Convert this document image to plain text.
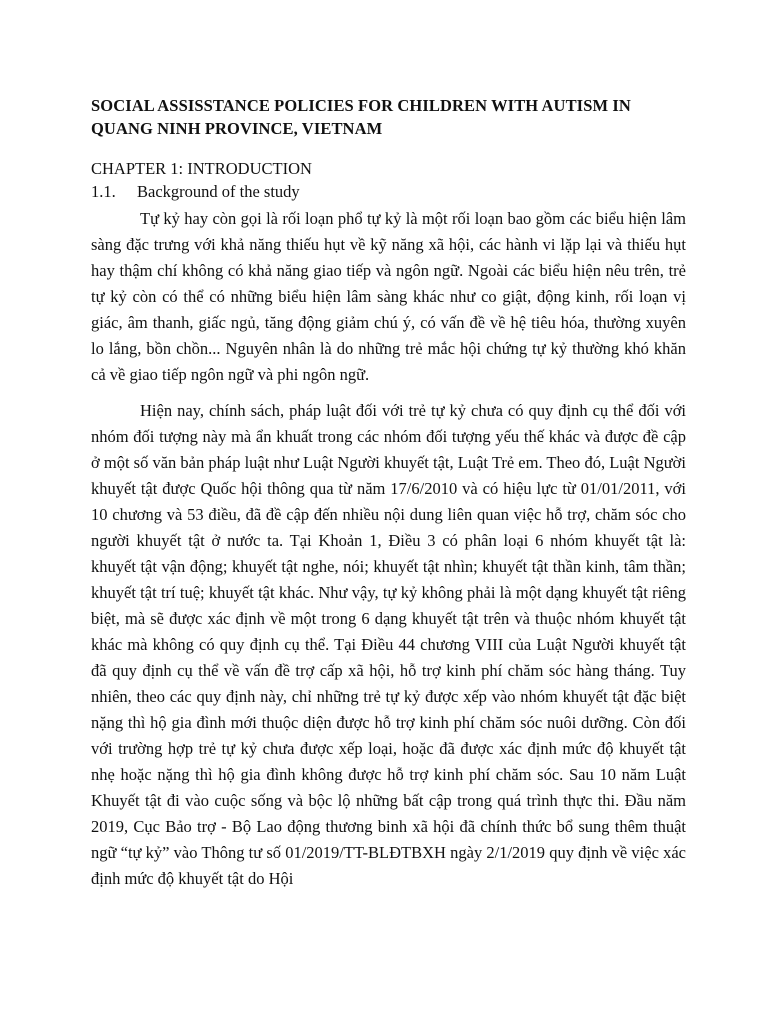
SOCIAL ASSISSTANCE POLICIES FOR CHILDREN WITH AUTISM IN QUANG NINH PROVINCE, VIETNAM
CHAPTER 1: INTRODUCTION
1.1.	Background of the study

Tự kỷ hay còn gọi là rối loạn phổ tự kỷ là một rối loạn bao gồm các biểu hiện lâm sàng đặc trưng với khả năng thiếu hụt về kỹ năng xã hội, các hành vi lặp lại và thiếu hụt hay thậm chí không có khả năng giao tiếp và ngôn ngữ. Ngoài các biểu hiện nêu trên, trẻ tự kỷ còn có thể có những biểu hiện lâm sàng khác như co giật, động kinh, rối loạn vị giác, âm thanh, giấc ngủ, tăng động giảm chú ý, có vấn đề về hệ tiêu hóa, thường xuyên lo lắng, bồn chồn... Nguyên nhân là do những trẻ mắc hội chứng tự kỷ thường khó khăn cả về giao tiếp ngôn ngữ và phi ngôn ngữ.

Hiện nay, chính sách, pháp luật đối với trẻ tự kỷ chưa có quy định cụ thể đối với nhóm đối tượng này mà ẩn khuất trong các nhóm đối tượng yếu thế khác và được đề cập ở một số văn bản pháp luật như Luật Người khuyết tật, Luật Trẻ em. Theo đó, Luật Người khuyết tật được Quốc hội thông qua từ năm 17/6/2010 và có hiệu lực từ 01/01/2011, với 10 chương và 53 điều, đã đề cập đến nhiều nội dung liên quan việc hỗ trợ, chăm sóc cho người khuyết tật ở nước ta. Tại Khoản 1, Điều 3 có phân loại 6 nhóm khuyết tật là: khuyết tật vận động; khuyết tật nghe, nói; khuyết tật nhìn; khuyết tật thần kinh, tâm thần; khuyết tật trí tuệ; khuyết tật khác. Như vậy, tự kỷ không phải là một dạng khuyết tật riêng biệt, mà sẽ được xác định về một trong 6 dạng khuyết tật trên và thuộc nhóm khuyết tật khác mà không có quy định cụ thể. Tại Điều 44 chương VIII của Luật Người khuyết tật đã quy định cụ thể về vấn đề trợ cấp xã hội, hỗ trợ kinh phí chăm sóc hàng tháng. Tuy nhiên, theo các quy định này, chỉ những trẻ tự kỷ được xếp vào nhóm khuyết tật đặc biệt nặng thì hộ gia đình mới thuộc diện được hỗ trợ kinh phí chăm sóc nuôi dưỡng. Còn đối với trường hợp trẻ tự kỷ chưa được xếp loại, hoặc đã được xác định mức độ khuyết tật nhẹ hoặc nặng thì hộ gia đình không được hỗ trợ kinh phí chăm sóc. Sau 10 năm Luật Khuyết tật đi vào cuộc sống và bộc lộ những bất cập trong quá trình thực thi. Đầu năm 2019, Cục Bảo trợ - Bộ Lao động thương binh xã hội đã chính thức bổ sung thêm thuật ngữ “tự kỷ” vào Thông tư số 01/2019/TT-BLĐTBXH ngày 2/1/2019 quy định về việc xác định mức độ khuyết tật do Hội
